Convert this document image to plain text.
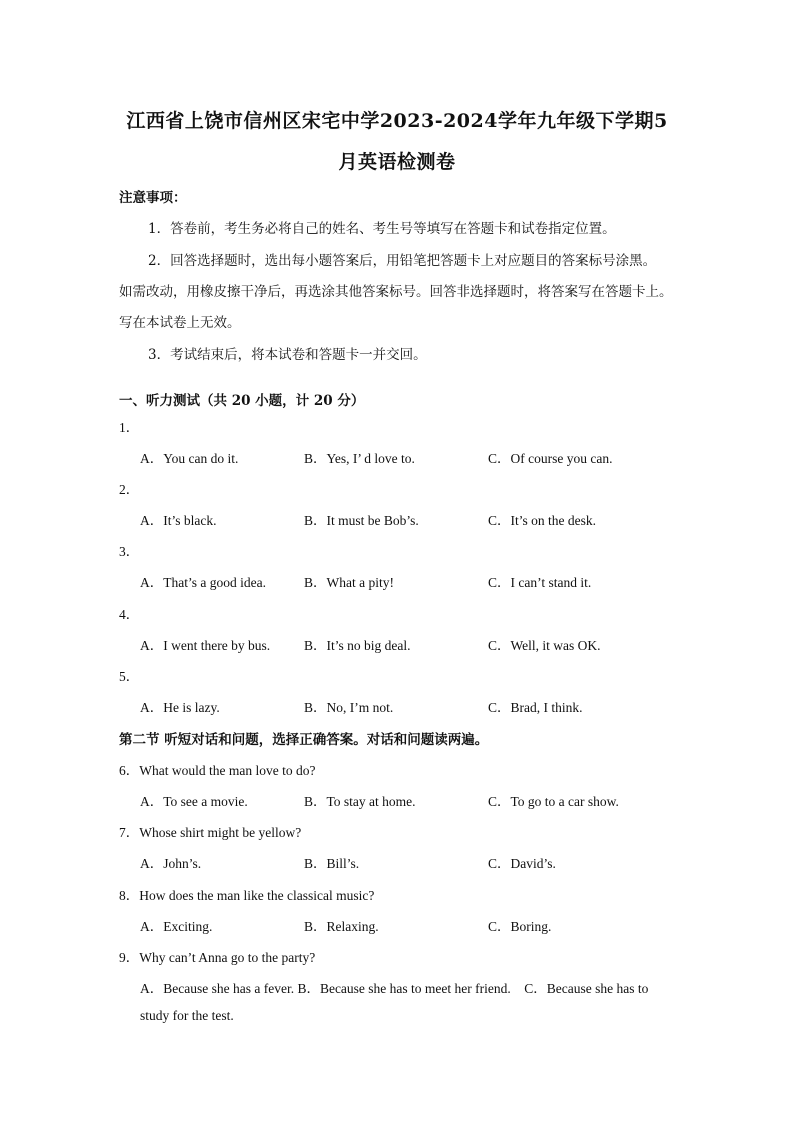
江西省上饶市信州区宋宅中学2023-2024学年九年级下学期5
月英语检测卷
注意事项：
1．答卷前，考生务必将自己的姓名、考生号等填写在答题卡和试卷指定位置。
2．回答选择题时，选出每小题答案后，用铅笔把答题卡上对应题目的答案标号涂黑。
如需改动，用橡皮擦干净后，再选涂其他答案标号。回答非选择题时，将答案写在答题卡上。
写在本试卷上无效。
3．考试结束后，将本试卷和答题卡一并交回。
一、听力测试（共 20 小题，计 20 分）
1．
A．You can do it.	B．Yes, I’ d love to.	C．Of course you can.
2．
A．It’s black.	B．It must be Bob’s.	C．It’s on the desk.
3．
A．That’s a good idea.	B．What a pity!	C．I can’t stand it.
4．
A．I went there by bus.	B．It’s no big deal.	C．Well, it was OK.
5．
A．He is lazy.	B．No, I’m not.	C．Brad, I think.
第二节 听短对话和问题，选择正确答案。对话和问题读两遍。
6．What would the man love to do?
A．To see a movie.	B．To stay at home.	C．To go to a car show.
7．Whose shirt might be yellow?
A．John’s.	B．Bill’s.	C．David’s.
8．How does the man like the classical music?
A．Exciting.	B．Relaxing.	C．Boring.
9．Why can’t Anna go to the party?
A．Because she has a fever. B．Because she has to meet her friend.    C．Because she has to
study for the test.
